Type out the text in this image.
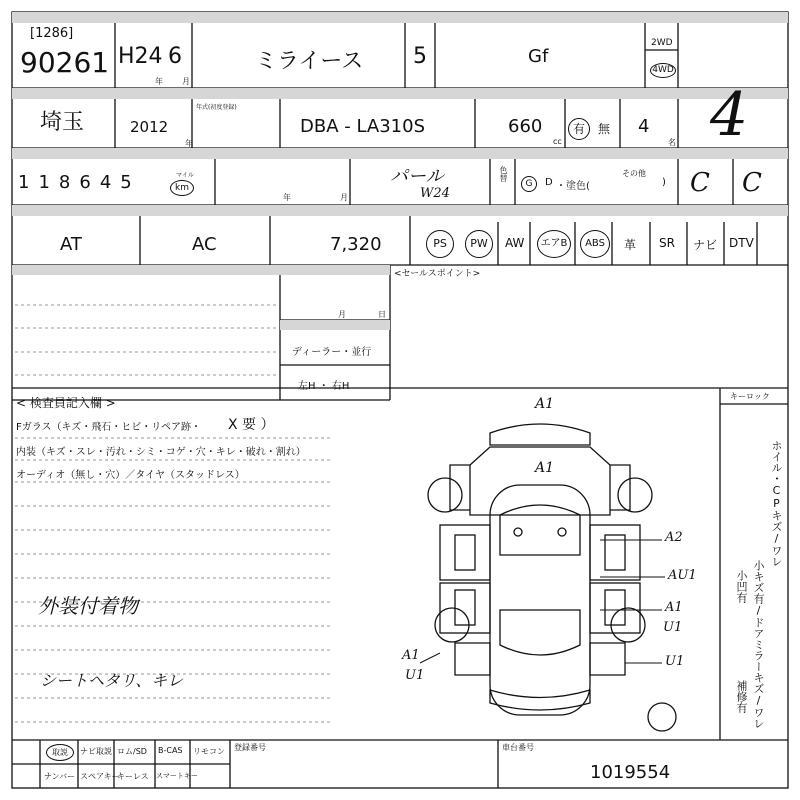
[1286]
90261 H24 6
年 月
ミライース 5	Gf
2WD
4WD
4
埼玉	2012
年
年式(初度登録)
DBA - LA310S	660
cc
有	無 4
名
118645	マイル
km
年	月
パール
W24
色替
G	D ・塗色(
その他
) C C
AT	AC	7,320	PS	PW	AW	エアB	ABS	革 SR ナビ DTV
<セールスポイント>
月	日
ディーラー・並行
左H ・ 右H
< 検査員記入欄 >
Fガラス（キズ・飛石・ヒビ・リペア跡・ X 要 ）
内装（キズ・スレ・汚れ・シミ・コゲ・穴・キレ・破れ・割れ）
オーディオ（無し・穴）／タイヤ（スタッドレス）
外装付着物
シートヘタリ、キレ
A1
A1
A2
AU1
A1
U1
U1
A1
U1
キーロック
ホイル・CPキズ/ワレ
小キズ有/ドアミラーキズ/ワレ
小凹有
補修有
取説	ナビ取説 ロム/SD B-CAS リモコン
ナンバー スペアキー
キーレス スマートキー
登録番号	車台番号
1019554
